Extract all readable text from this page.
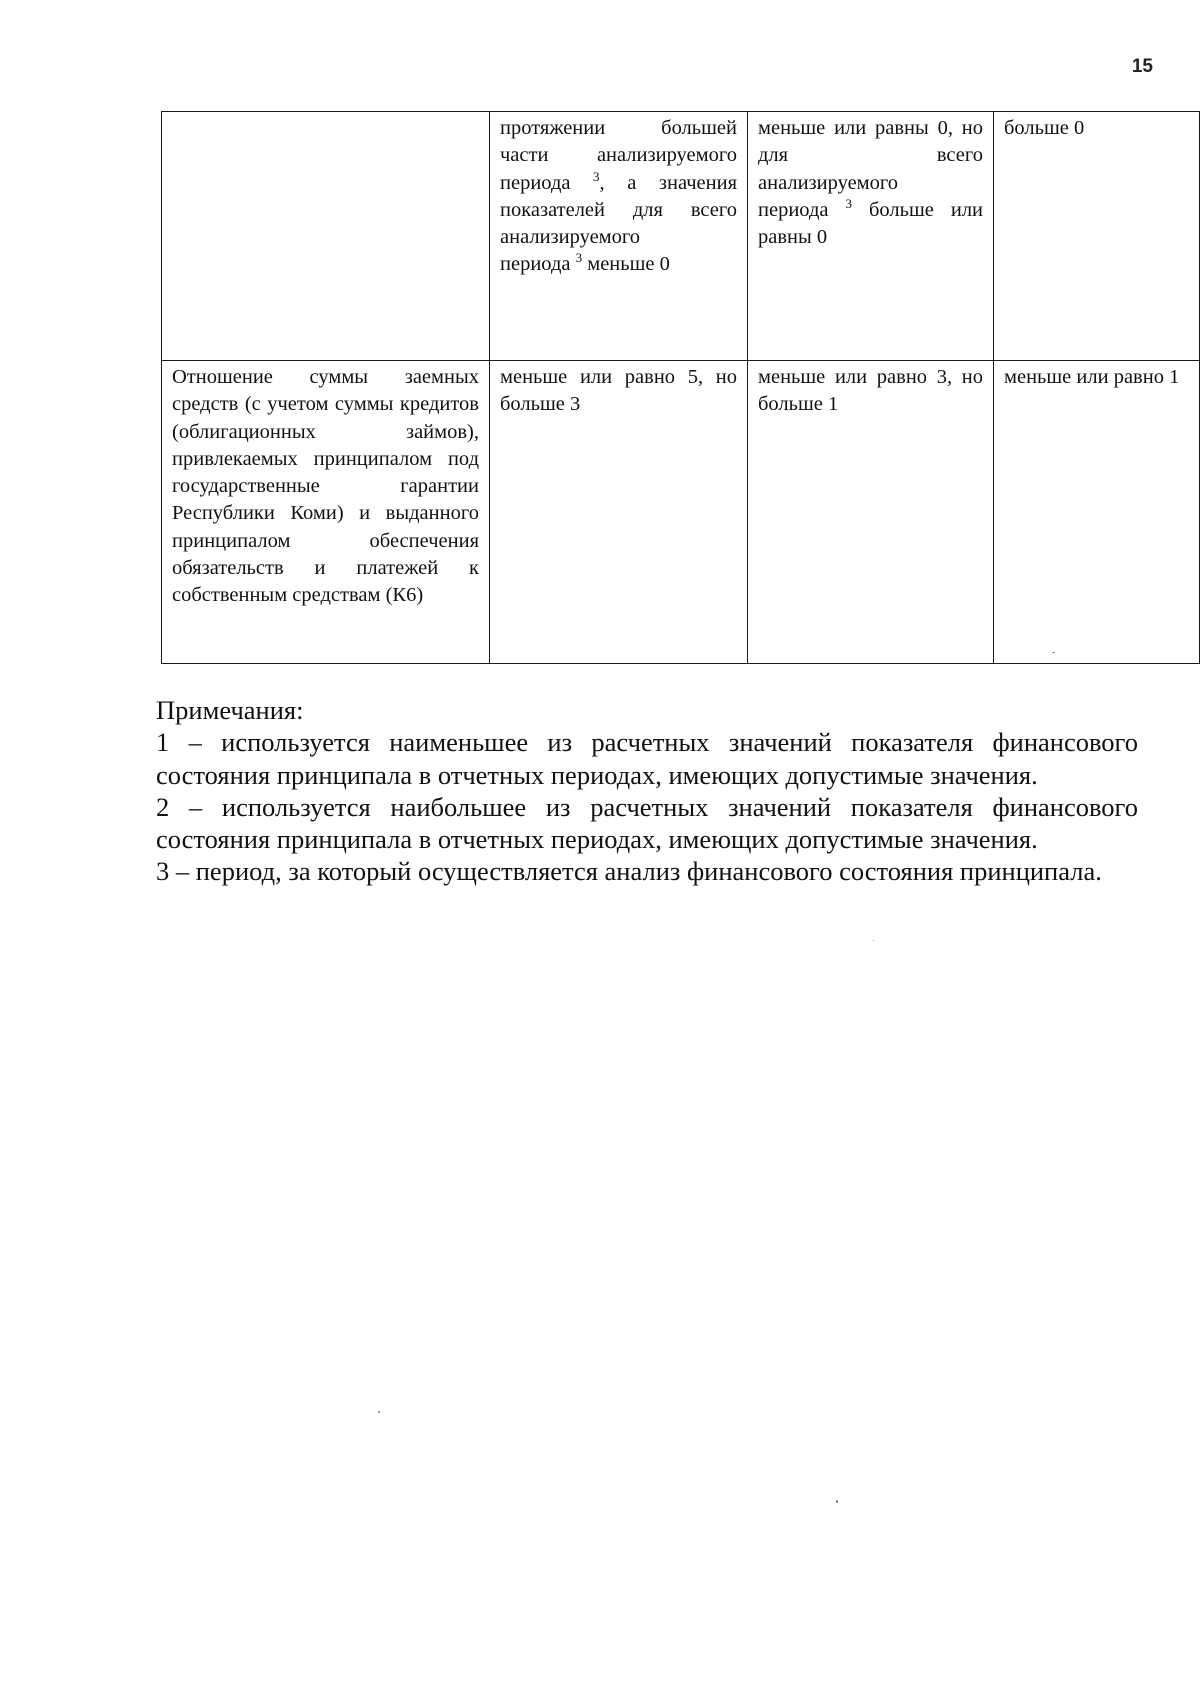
15
	протяжении большей части анализируемого периода $^3$, а значения показателей для всего анализируемого периода $^3$ меньше 0	меньше или равны 0, но для всего анализируемого периода $^3$ больше или равны 0	больше 0
Отношение суммы заемных средств (с учетом суммы кредитов (облигационных займов), привлекаемых принципалом под государственные гарантии Республики Коми) и выданного принципалом обеспечения обязательств и платежей к собственным средствам (К6)	меньше или равно 5, но больше 3	меньше или равно 3, но больше 1	меньше или равно 1

Примечания:

1 – используется наименьшее из расчетных значений показателя финансового состояния принципала в отчетных периодах, имеющих допустимые значения.

2 – используется наибольшее из расчетных значений показателя финансового состояния принципала в отчетных периодах, имеющих допустимые значения.

3 – период, за который осуществляется анализ финансового состояния принципала.
